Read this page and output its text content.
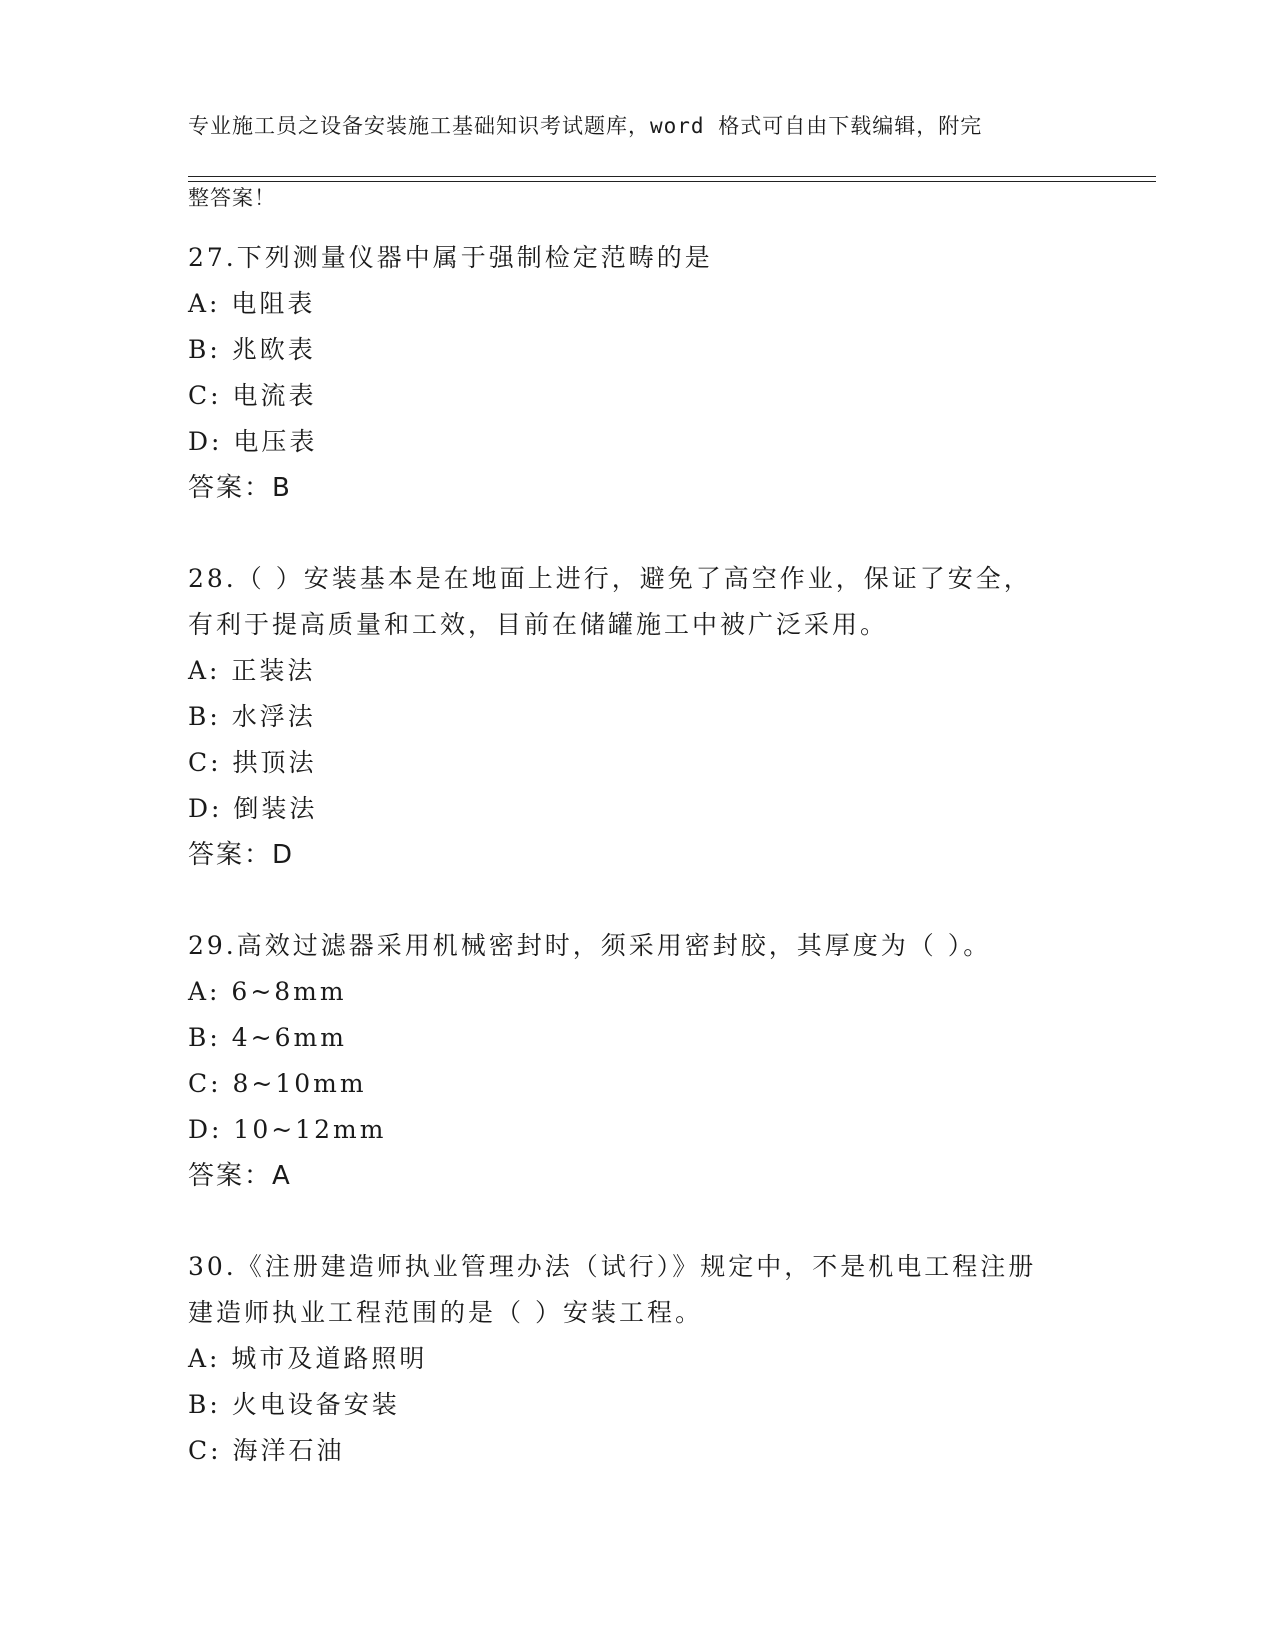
专业施工员之设备安装施工基础知识考试题库，word 格式可自由下载编辑，附完

整答案！

27.下列测量仪器中属于强制检定范畴的是
A: 电阻表
B: 兆欧表
C: 电流表
D: 电压表
答案：B
28.（ ）安装基本是在地面上进行，避免了高空作业，保证了安全，
有利于提高质量和工效，目前在储罐施工中被广泛采用。
A: 正装法
B: 水浮法
C: 拱顶法
D: 倒装法
答案：D
29.高效过滤器采用机械密封时，须采用密封胶，其厚度为（ ）。
A: 6~8mm
B: 4~6mm
C: 8~10mm
D: 10~12mm
答案：A
30.《注册建造师执业管理办法（试行）》规定中，不是机电工程注册
建造师执业工程范围的是（ ）安装工程。
A: 城市及道路照明
B: 火电设备安装
C: 海洋石油
